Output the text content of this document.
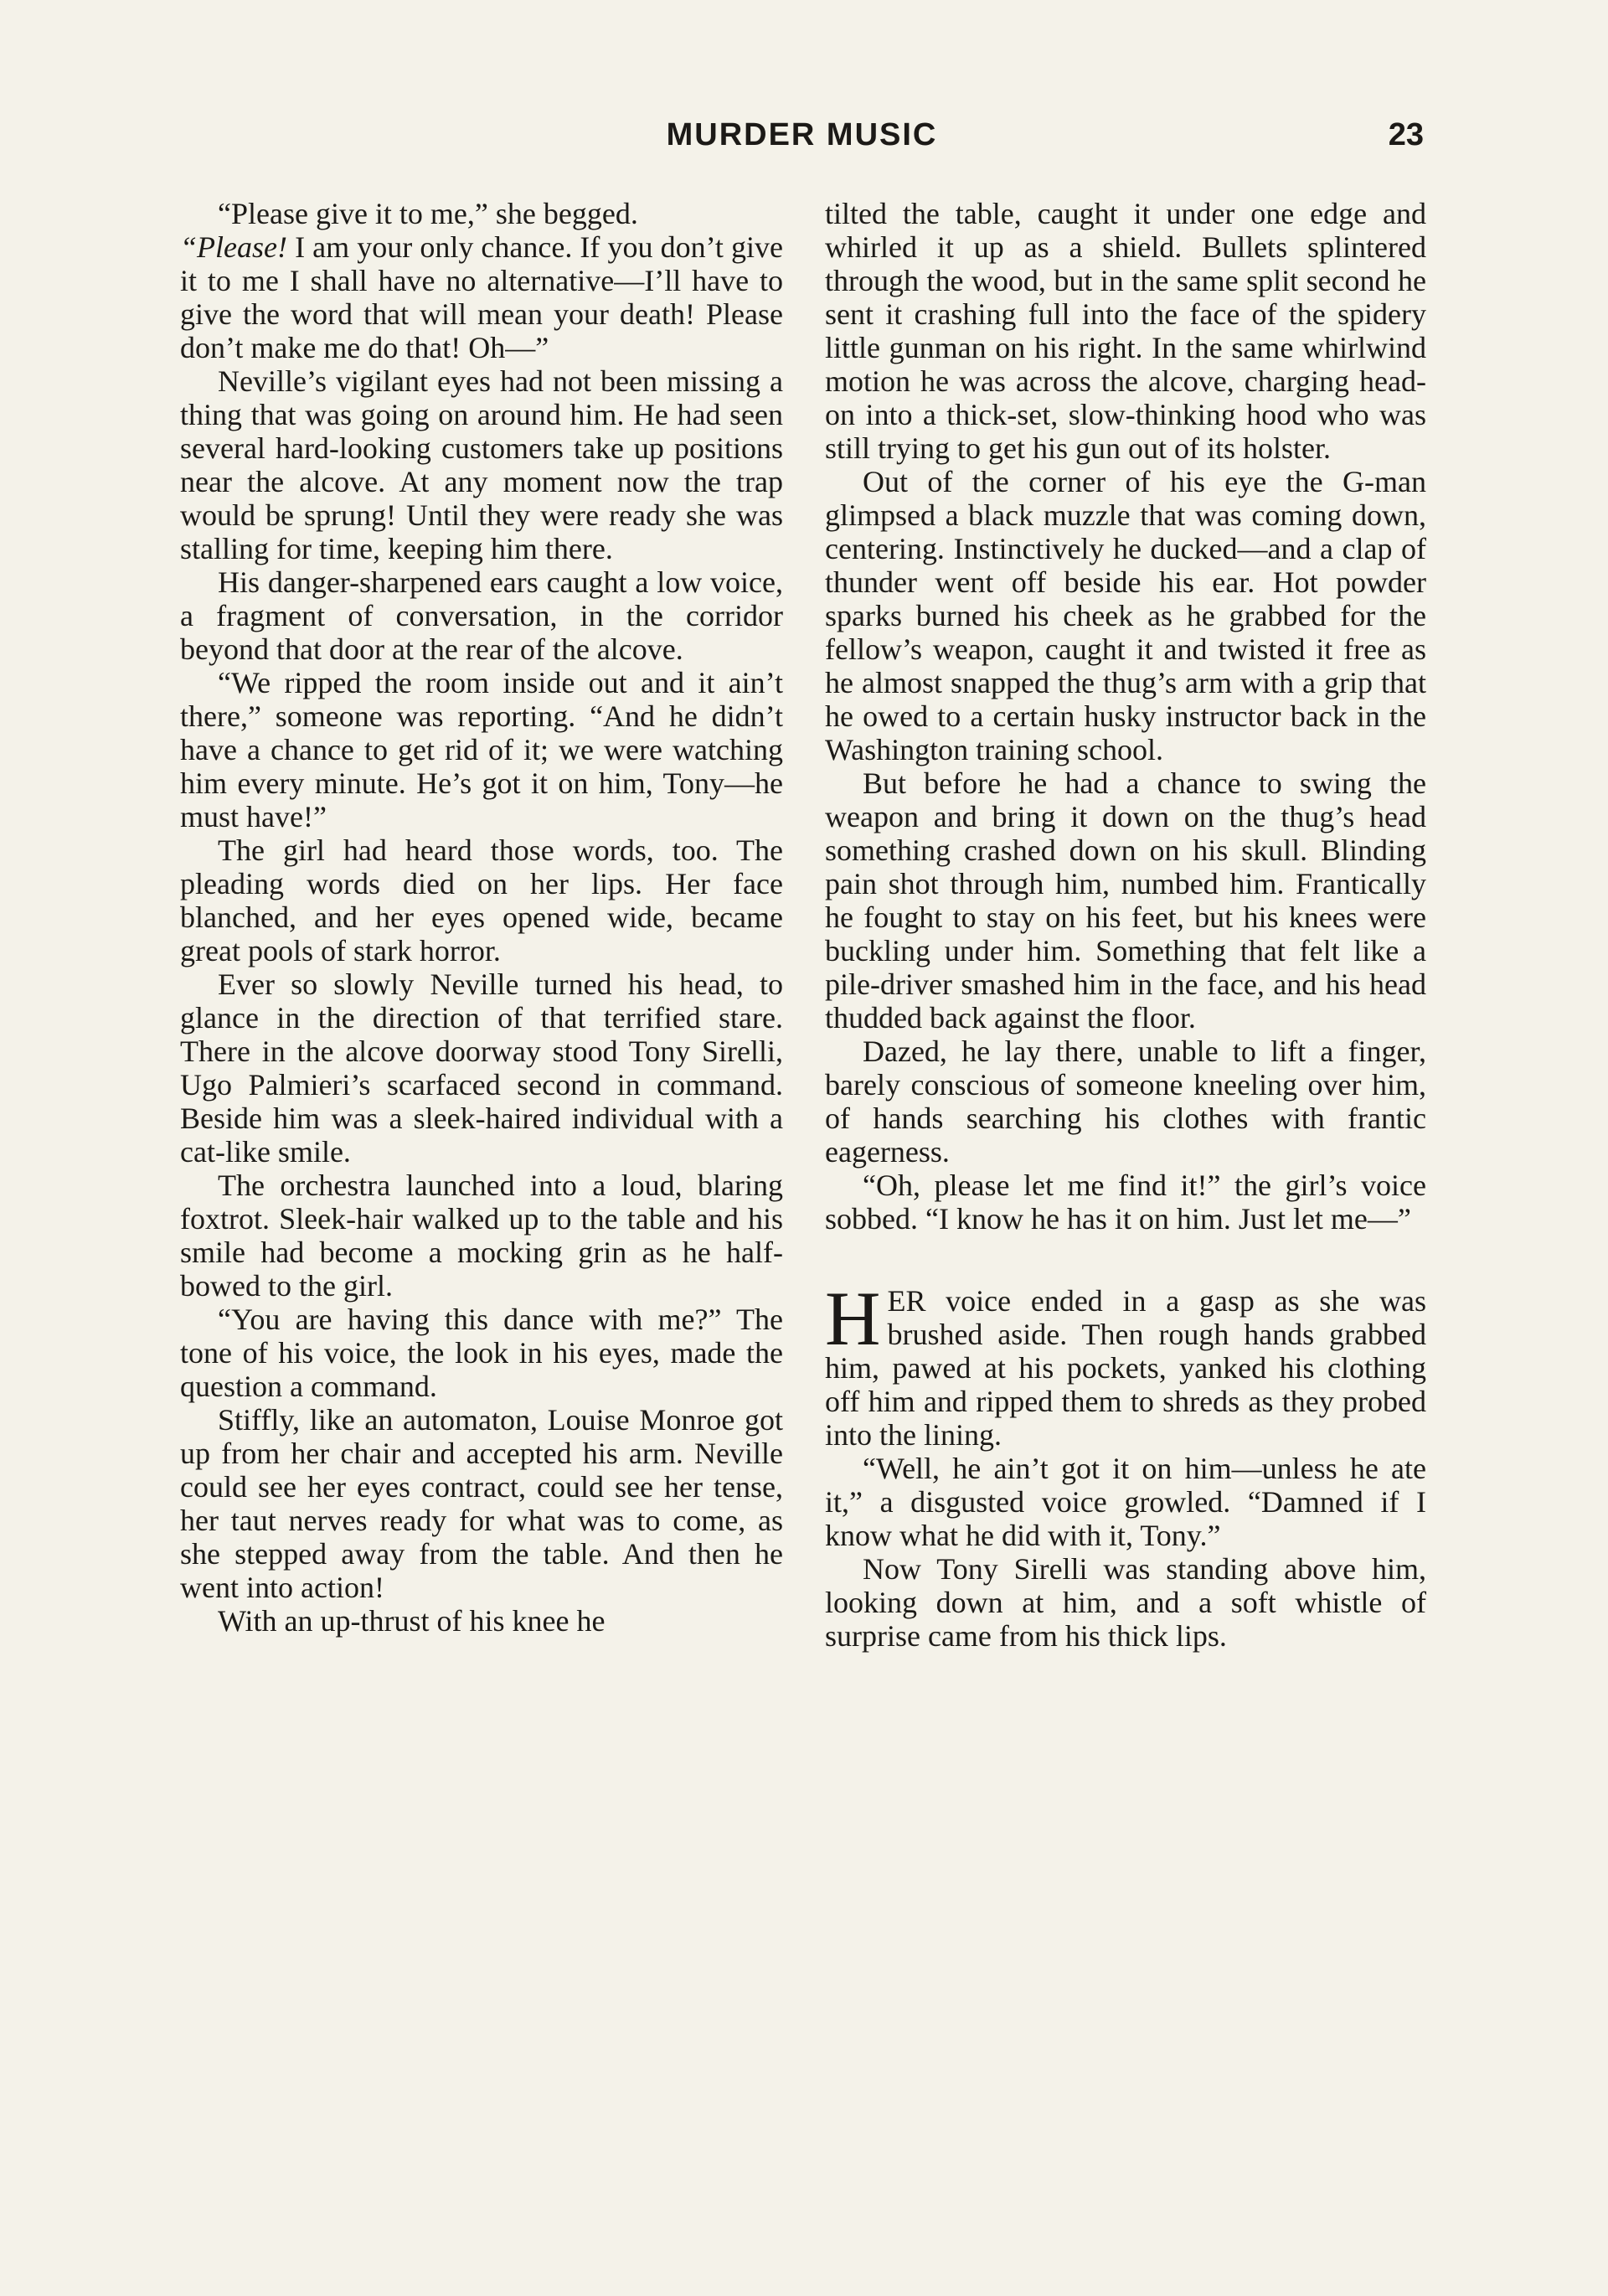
MURDER MUSIC	23

“Please give it to me,” she begged.

“Please! I am your only chance. If you don’t give it to me I shall have no alternative—I’ll have to give the word that will mean your death! Please don’t make me do that! Oh—”

Neville’s vigilant eyes had not been missing a thing that was going on around him. He had seen several hard-looking customers take up positions near the alcove. At any moment now the trap would be sprung! Until they were ready she was stalling for time, keeping him there.

His danger-sharpened ears caught a low voice, a fragment of conversation, in the corridor beyond that door at the rear of the alcove.

“We ripped the room inside out and it ain’t there,” someone was reporting. “And he didn’t have a chance to get rid of it; we were watching him every minute. He’s got it on him, Tony—he must have!”

The girl had heard those words, too. The pleading words died on her lips. Her face blanched, and her eyes opened wide, became great pools of stark horror.

Ever so slowly Neville turned his head, to glance in the direction of that terrified stare. There in the alcove doorway stood Tony Sirelli, Ugo Palmieri’s scarfaced second in command. Beside him was a sleek-haired individual with a cat-like smile.

The orchestra launched into a loud, blaring foxtrot. Sleek-hair walked up to the table and his smile had become a mocking grin as he half-bowed to the girl.

“You are having this dance with me?” The tone of his voice, the look in his eyes, made the question a command.

Stiffly, like an automaton, Louise Monroe got up from her chair and accepted his arm. Neville could see her eyes contract, could see her tense, her taut nerves ready for what was to come, as she stepped away from the table. And then he went into action!

With an up-thrust of his knee he

tilted the table, caught it under one edge and whirled it up as a shield. Bullets splintered through the wood, but in the same split second he sent it crashing full into the face of the spidery little gunman on his right. In the same whirlwind motion he was across the alcove, charging head-on into a thick-set, slow-thinking hood who was still trying to get his gun out of its holster.

Out of the corner of his eye the G-man glimpsed a black muzzle that was coming down, centering. Instinctively he ducked—and a clap of thunder went off beside his ear. Hot powder sparks burned his cheek as he grabbed for the fellow’s weapon, caught it and twisted it free as he almost snapped the thug’s arm with a grip that he owed to a certain husky instructor back in the Washington training school.

But before he had a chance to swing the weapon and bring it down on the thug’s head something crashed down on his skull. Blinding pain shot through him, numbed him. Frantically he fought to stay on his feet, but his knees were buckling under him. Something that felt like a pile-driver smashed him in the face, and his head thudded back against the floor.

Dazed, he lay there, unable to lift a finger, barely conscious of someone kneeling over him, of hands searching his clothes with frantic eagerness.

“Oh, please let me find it!” the girl’s voice sobbed. “I know he has it on him. Just let me—”

HER voice ended in a gasp as she was brushed aside. Then rough hands grabbed him, pawed at his pockets, yanked his clothing off him and ripped them to shreds as they probed into the lining.

“Well, he ain’t got it on him—unless he ate it,” a disgusted voice growled. “Damned if I know what he did with it, Tony.”

Now Tony Sirelli was standing above him, looking down at him, and a soft whistle of surprise came from his thick lips.
